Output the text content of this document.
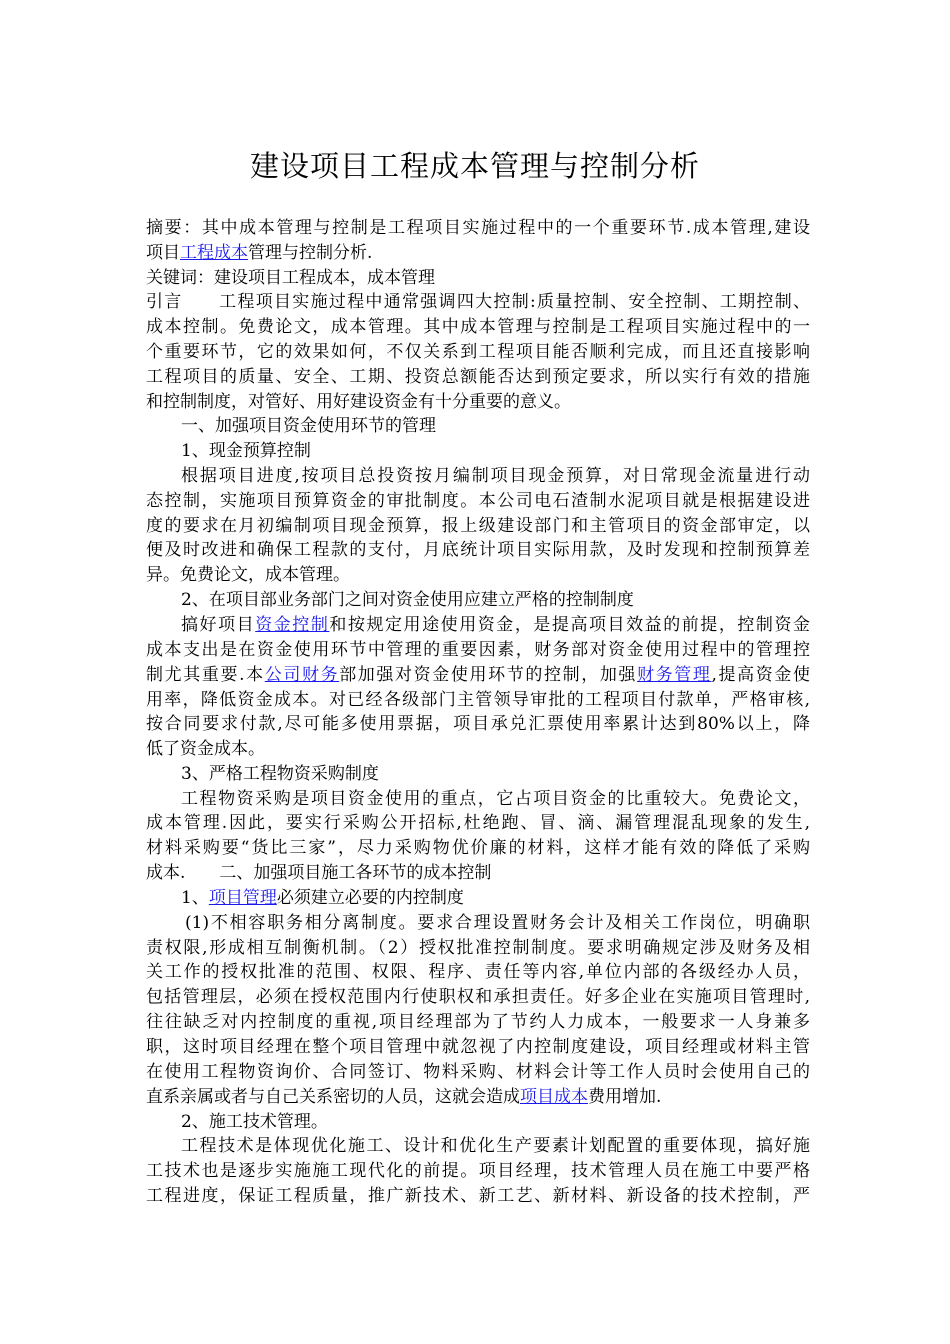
建设项目工程成本管理与控制分析
摘要：其中成本管理与控制是工程项目实施过程中的一个重要环节.成本管理,建设
项目工程成本管理与控制分析.
关键词：建设项目工程成本，成本管理
引言　　工程项目实施过程中通常强调四大控制:质量控制、安全控制、工期控制、
成本控制。免费论文，成本管理。其中成本管理与控制是工程项目实施过程中的一
个重要环节，它的效果如何，不仅关系到工程项目能否顺利完成，而且还直接影响
工程项目的质量、安全、工期、投资总额能否达到预定要求，所以实行有效的措施
和控制制度，对管好、用好建设资金有十分重要的意义。
一、加强项目资金使用环节的管理
1、现金预算控制
根据项目进度,按项目总投资按月编制项目现金预算，对日常现金流量进行动
态控制，实施项目预算资金的审批制度。本公司电石渣制水泥项目就是根据建设进
度的要求在月初编制项目现金预算，报上级建设部门和主管项目的资金部审定，以
便及时改进和确保工程款的支付，月底统计项目实际用款，及时发现和控制预算差
异。免费论文，成本管理。
2、在项目部业务部门之间对资金使用应建立严格的控制制度
搞好项目资金控制和按规定用途使用资金，是提高项目效益的前提，控制资金
成本支出是在资金使用环节中管理的重要因素，财务部对资金使用过程中的管理控
制尤其重要.本公司财务部加强对资金使用环节的控制，加强财务管理,提高资金使
用率，降低资金成本。对已经各级部门主管领导审批的工程项目付款单，严格审核,
按合同要求付款,尽可能多使用票据，项目承兑汇票使用率累计达到80%以上，降
低了资金成本。
3、严格工程物资采购制度
工程物资采购是项目资金使用的重点，它占项目资金的比重较大。免费论文，
成本管理.因此，要实行采购公开招标,杜绝跑、冒、滴、漏管理混乱现象的发生,
材料采购要“货比三家”，尽力采购物优价廉的材料，这样才能有效的降低了采购
成本.　　二、加强项目施工各环节的成本控制
1、项目管理必须建立必要的内控制度
(1)不相容职务相分离制度。要求合理设置财务会计及相关工作岗位，明确职
责权限,形成相互制衡机制。（2）授权批准控制制度。要求明确规定涉及财务及相
关工作的授权批准的范围、权限、程序、责任等内容,单位内部的各级经办人员，
包括管理层，必须在授权范围内行使职权和承担责任。好多企业在实施项目管理时,
往往缺乏对内控制度的重视,项目经理部为了节约人力成本，一般要求一人身兼多
职，这时项目经理在整个项目管理中就忽视了内控制度建设，项目经理或材料主管
在使用工程物资询价、合同签订、物料采购、材料会计等工作人员时会使用自己的
直系亲属或者与自己关系密切的人员，这就会造成项目成本费用增加.
2、施工技术管理。
工程技术是体现优化施工、设计和优化生产要素计划配置的重要体现，搞好施
工技术也是逐步实施施工现代化的前提。项目经理，技术管理人员在施工中要严格
工程进度，保证工程质量，推广新技术、新工艺、新材料、新设备的技术控制，严
